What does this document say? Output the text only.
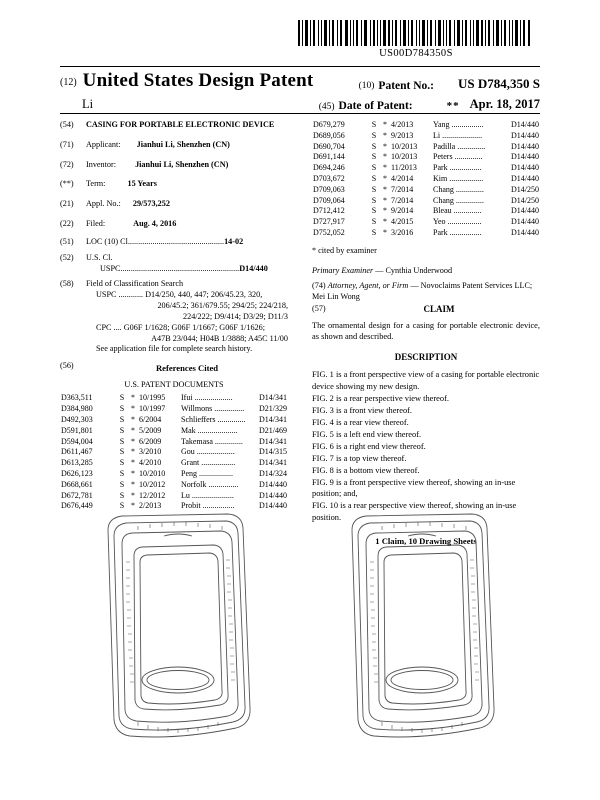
US00D784350S
(12) United States Design Patent	(10) Patent No.: US D784,350 S
Li	(45) Date of Patent:	** Apr. 18, 2017
(54)	CASING FOR PORTABLE ELECTRONIC DEVICE
(71)	Applicant: Jianhui Li, Shenzhen (CN)
(72)	Inventor: Jianhui Li, Shenzhen (CN)
(**)	Term:	15 Years
(21)	Appl. No.: 29/573,252
(22)	Filed:	Aug. 4, 2016
(51)	LOC (10) Cl...............................................14-02
(52)	U.S. Cl.
USPC..........................................................D14/440
(58)	Field of Classification Search
USPC ............ D14/250, 440, 447; 206/45.23, 320,
206/45.2; 361/679.55; 294/25; 224/218,
224/222; D9/414; D3/29; D11/3
CPC .... G06F 1/1628; G06F 1/1667; G06F 1/1626;
A47B 23/044; H04B 1/3888; A45C 11/00
See application file for complete search history.
(56)	References Cited
U.S. PATENT DOCUMENTS
D363,511	S	*	10/1995	Ifui ...................	D14/341
D384,980	S	*	10/1997	Willmons ...............	D21/329
D492,303	S	*	6/2004	Schlieffers ..............	D14/341
D591,801	S	*	5/2009	Mak ....................	D21/469
D594,004	S	*	6/2009	Takemasa ..............	D14/341
D611,467	S	*	3/2010	Gou ...................	D14/315
D613,285	S	*	4/2010	Grant .................	D14/341
D626,123	S	*	10/2010	Peng .................	D14/324
D668,661	S	*	10/2012	Norfolk ...............	D14/440
D672,781	S	*	12/2012	Lu .....................	D14/440
D676,449	S	*	2/2013	Probit ................	D14/440
D679,279	S	*	4/2013	Yang ................	D14/440
D689,056	S	*	9/2013	Li ....................	D14/440
D690,704	S	*	10/2013	Padilla ..............	D14/440
D691,144	S	*	10/2013	Peters ..............	D14/440
D694,246	S	*	11/2013	Park ................	D14/440
D703,672	S	*	4/2014	Kim .................	D14/440
D709,063	S	*	7/2014	Chang ..............	D14/250
D709,064	S	*	7/2014	Chang ..............	D14/250
D712,412	S	*	9/2014	Bleau ..............	D14/440
D727,917	S	*	4/2015	Yeo .................	D14/440
D752,052	S	*	3/2016	Park ................	D14/440
* cited by examiner
Primary Examiner — Cynthia Underwood
(74) Attorney, Agent, or Firm — Novoclaims Patent Services LLC; Mei Lin Wong
(57)	CLAIM
The ornamental design for a casing for portable electronic device, as shown and described.
DESCRIPTION
FIG. 1 is a front perspective view of a casing for portable electronic device showing my new design.
FIG. 2 is a rear perspective view thereof.
FIG. 3 is a front view thereof.
FIG. 4 is a rear view thereof.
FIG. 5 is a left end view thereof.
FIG. 6 is a right end view thereof.
FIG. 7 is a top view thereof.
FIG. 8 is a bottom view thereof.
FIG. 9 is a front perspective view thereof, showing an in-use position; and,
FIG. 10 is a rear perspective view thereof, showing an in-use position.
1 Claim, 10 Drawing Sheets
